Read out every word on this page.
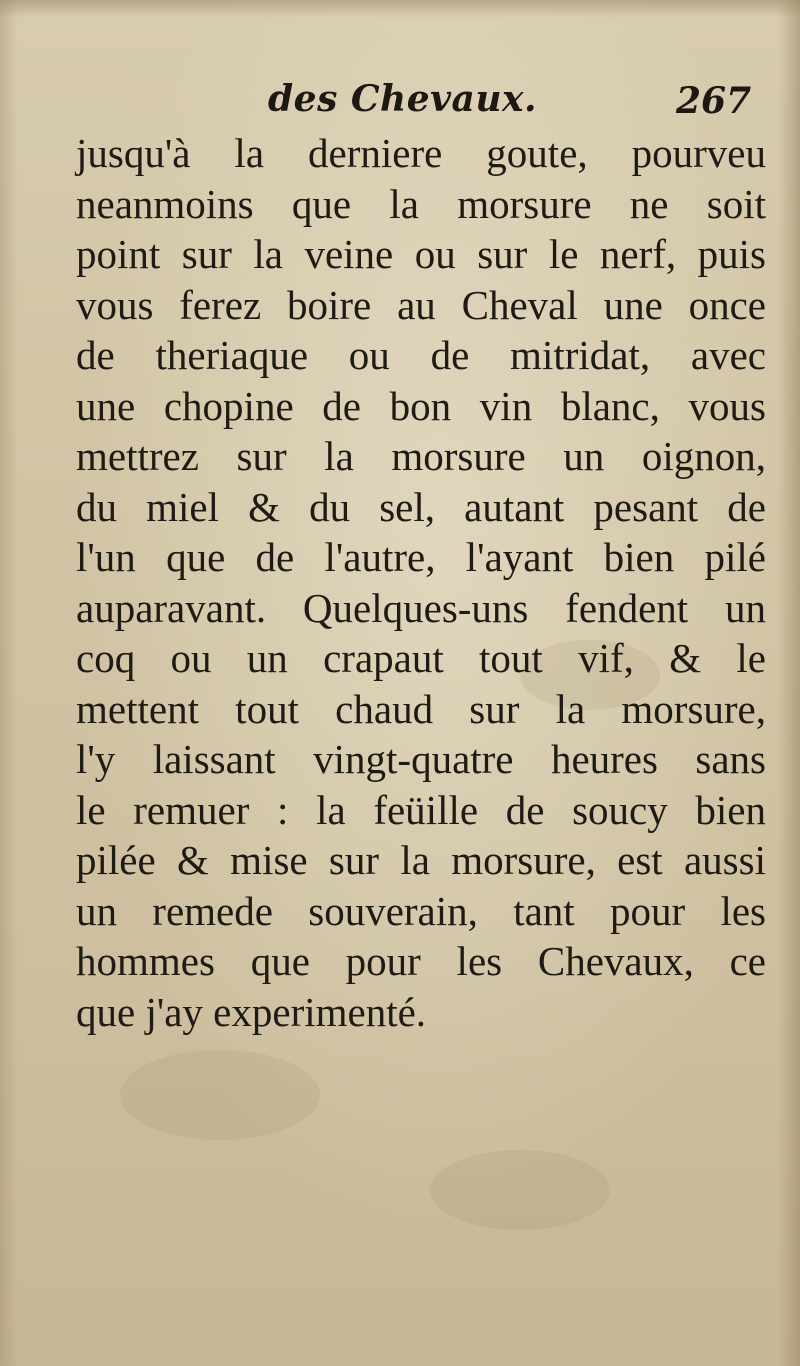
des Chevaux.	267
jusqu'à la derniere goute, pourveu
neanmoins que la morsure ne soit
point sur la veine ou sur le nerf, puis
vous ferez boire au Cheval une once
de theriaque ou de mitridat, avec
une chopine de bon vin blanc, vous
mettrez sur la morsure un oignon,
du miel & du sel, autant pesant de
l'un que de l'autre, l'ayant bien pilé
auparavant. Quelques-uns fendent un
coq ou un crapaut tout vif, & le
mettent tout chaud sur la morsure,
l'y laissant vingt-quatre heures sans
le remuer : la feüille de soucy bien
pilée & mise sur la morsure, est aussi
un remede souverain, tant pour les
hommes que pour les Chevaux, ce
que j'ay experimenté.
